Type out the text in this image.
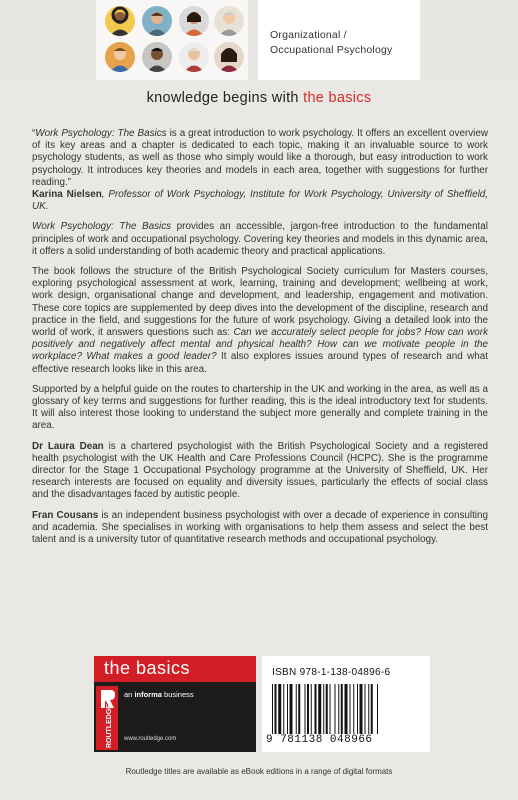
Organizational /
Occupational Psychology
knowledge begins with the basics

“Work Psychology: The Basics is a great introduction to work psychology. It offers an excellent overview of its key areas and a chapter is dedicated to each topic, making it an invaluable source to work psychology students, as well as those who simply would like a thorough, but easy introduction to work psychology. It introduces key theories and models in each area, together with suggestions for further reading.”
Karina Nielsen, Professor of Work Psychology, Institute for Work Psychology, University of Sheffield, UK.

Work Psychology: The Basics provides an accessible, jargon-free introduction to the fundamental principles of work and occupational psychology. Covering key theories and models in this dynamic area, it offers a solid understanding of both academic theory and practical applications.

The book follows the structure of the British Psychological Society curriculum for Masters courses, exploring psychological assessment at work, learning, training and development; wellbeing at work, work design, organisational change and development, and leadership, engagement and motivation. These core topics are supplemented by deep dives into the development of the discipline, research and practice in the field, and suggestions for the future of work psychology. Giving a detailed look into the world of work, it answers questions such as: Can we accurately select people for jobs? How can work positively and negatively affect mental and physical health? How can we motivate people in the workplace? What makes a good leader? It also explores issues around types of research and what effective research looks like in this area.

Supported by a helpful guide on the routes to chartership in the UK and working in the area, as well as a glossary of key terms and suggestions for further reading, this is the ideal introductory text for students. It will also interest those looking to understand the subject more generally and complete training in the area.

Dr Laura Dean is a chartered psychologist with the British Psychological Society and a registered health psychologist with the UK Health and Care Professions Council (HCPC). She is the programme director for the Stage 1 Occupational Psychology programme at the University of Sheffield, UK. Her research interests are focused on equality and diversity issues, particularly the effects of social class and the disadvantages faced by autistic people.

Fran Cousans is an independent business psychologist with over a decade of experience in consulting and academia. She specialises in working with organisations to help them assess and select the best talent and is a university tutor of quantitative research methods and occupational psychology.

the basics
ROUTLEDGE
an informa business
www.routledge.com
ISBN 978-1-138-04896-6
9 781138 048966
Routledge titles are available as eBook editions in a range of digital formats
